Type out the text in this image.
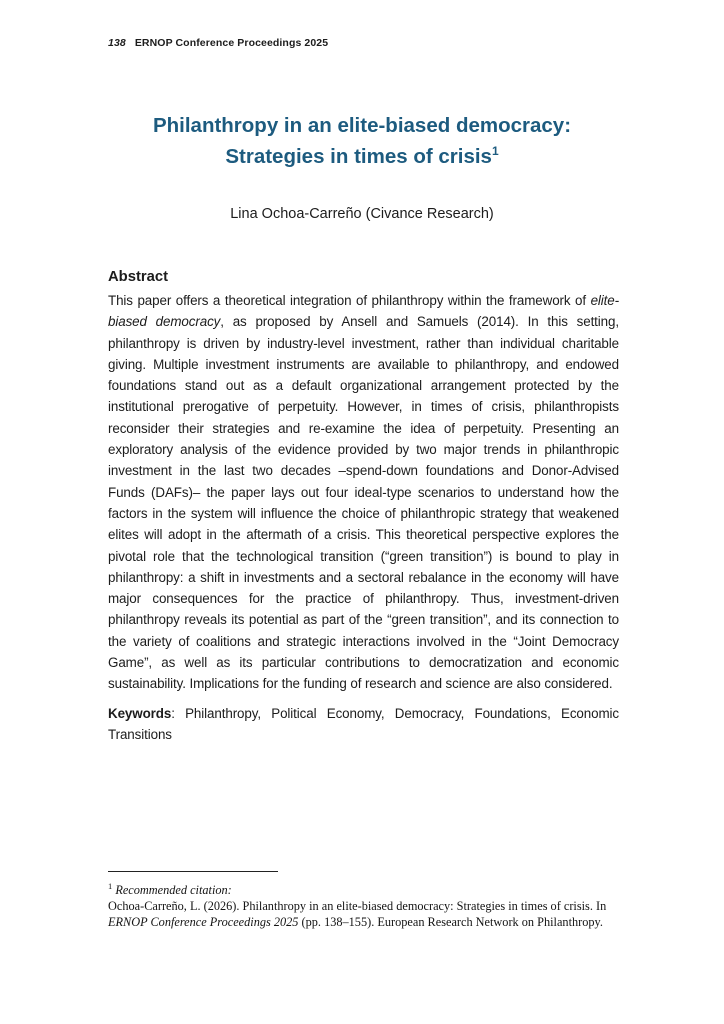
138 ERNOP Conference Proceedings 2025
Philanthropy in an elite-biased democracy:
Strategies in times of crisis$^1$
Lina Ochoa-Carreño (Civance Research)

Abstract

This paper offers a theoretical integration of philanthropy within the framework of elite-biased democracy, as proposed by Ansell and Samuels (2014). In this setting, philanthropy is driven by industry-level investment, rather than individual charitable giving. Multiple investment instruments are available to philanthropy, and endowed foundations stand out as a default organizational arrangement protected by the institutional prerogative of perpetuity. However, in times of crisis, philanthropists reconsider their strategies and re-examine the idea of perpetuity. Presenting an exploratory analysis of the evidence provided by two major trends in philanthropic investment in the last two decades –spend-down foundations and Donor-Advised Funds (DAFs)– the paper lays out four ideal-type scenarios to understand how the factors in the system will influence the choice of philanthropic strategy that weakened elites will adopt in the aftermath of a crisis. This theoretical perspective explores the pivotal role that the technological transition (“green transition”) is bound to play in philanthropy: a shift in investments and a sectoral rebalance in the economy will have major consequences for the practice of philanthropy. Thus, investment-driven philanthropy reveals its potential as part of the “green transition”, and its connection to the variety of coalitions and strategic interactions involved in the “Joint Democracy Game”, as well as its particular contributions to democratization and economic sustainability. Implications for the funding of research and science are also considered.

Keywords: Philanthropy, Political Economy, Democracy, Foundations, Economic Transitions

$^1$ Recommended citation:

Ochoa-Carreño, L. (2026). Philanthropy in an elite-biased democracy: Strategies in times of crisis. In ERNOP Conference Proceedings 2025 (pp. 138–155). European Research Network on Philanthropy.
